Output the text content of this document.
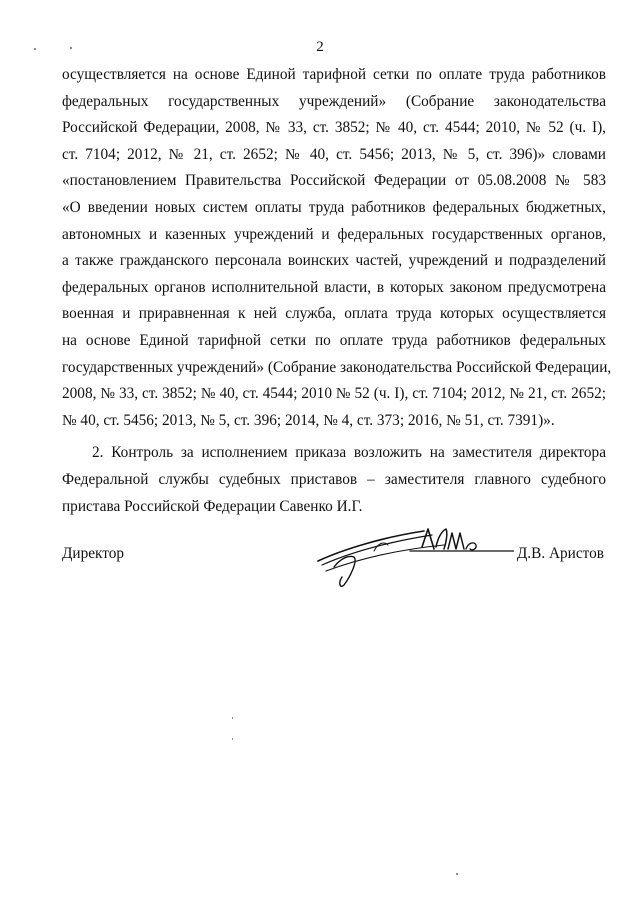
2

осуществляется на основе Единой тарифной сетки по оплате труда работников
федеральных государственных учреждений» (Собрание законодательства
Российской Федерации, 2008, № 33, ст. 3852; № 40, ст. 4544; 2010, № 52 (ч. I),
ст. 7104; 2012, № 21, ст. 2652; № 40, ст. 5456; 2013, № 5, ст. 396)» словами
«постановлением Правительства Российской Федерации от 05.08.2008 № 583
«О введении новых систем оплаты труда работников федеральных бюджетных,
автономных и казенных учреждений и федеральных государственных органов,
а также гражданского персонала воинских частей, учреждений и подразделений
федеральных органов исполнительной власти, в которых законом предусмотрена
военная и приравненная к ней служба, оплата труда которых осуществляется
на основе Единой тарифной сетки по оплате труда работников федеральных
государственных учреждений» (Собрание законодательства Российской Федерации,
2008, № 33, ст. 3852; № 40, ст. 4544; 2010 № 52 (ч. I), ст. 7104; 2012, № 21, ст. 2652;
№ 40, ст. 5456; 2013, № 5, ст. 396; 2014, № 4, ст. 373; 2016, № 51, ст. 7391)».

2. Контроль за исполнением приказа возложить на заместителя директора
Федеральной службы судебных приставов – заместителя главного судебного
пристава Российской Федерации Савенко И.Г.

Директор	Д.В. Аристов
